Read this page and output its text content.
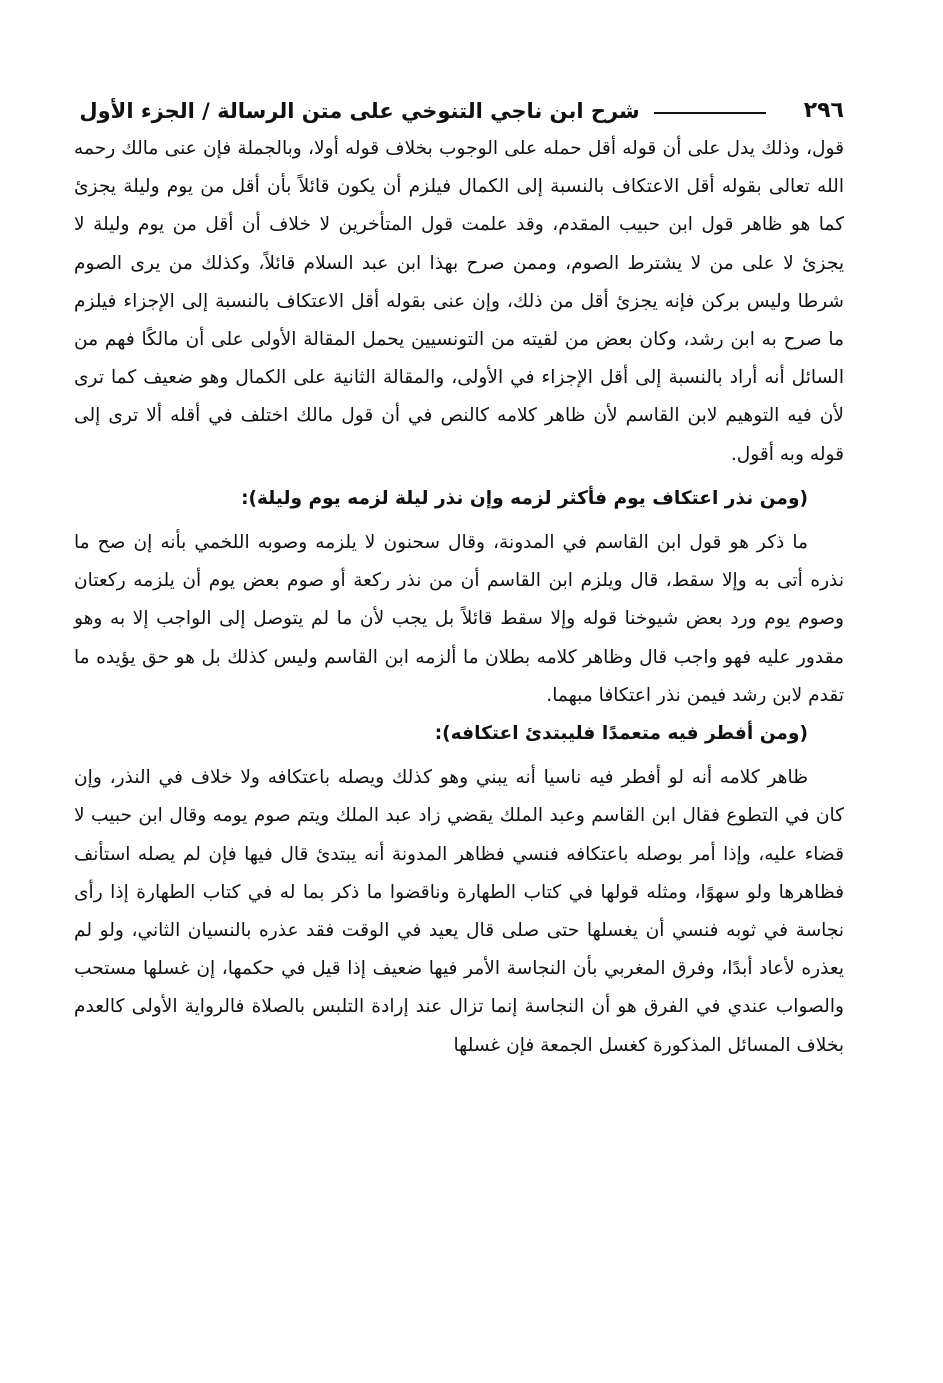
٢٩٦
شرح ابن ناجي التنوخي على متن الرسالة / الجزء الأول

قول، وذلك يدل على أن قوله أقل حمله على الوجوب بخلاف قوله أولا، وبالجملة فإن عنى مالك رحمه الله تعالى بقوله أقل الاعتكاف بالنسبة إلى الكمال فيلزم أن يكون قائلاً بأن أقل من يوم وليلة يجزئ كما هو ظاهر قول ابن حبيب المقدم، وقد علمت قول المتأخرين لا خلاف أن أقل من يوم وليلة لا يجزئ لا على من لا يشترط الصوم، وممن صرح بهذا ابن عبد السلام قائلاً، وكذلك من يرى الصوم شرطا وليس بركن فإنه يجزئ أقل من ذلك، وإن عنى بقوله أقل الاعتكاف بالنسبة إلى الإجزاء فيلزم ما صرح به ابن رشد، وكان بعض من لقيته من التونسيين يحمل المقالة الأولى على أن مالكًا فهم من السائل أنه أراد بالنسبة إلى أقل الإجزاء في الأولى، والمقالة الثانية على الكمال وهو ضعيف كما ترى لأن فيه التوهيم لابن القاسم لأن ظاهر كلامه كالنص في أن قول مالك اختلف في أقله ألا ترى إلى قوله وبه أقول.

(ومن نذر اعتكاف يوم فأكثر لزمه وإن نذر ليلة لزمه يوم وليلة):

ما ذكر هو قول ابن القاسم في المدونة، وقال سحنون لا يلزمه وصوبه اللخمي بأنه إن صح ما نذره أتى به وإلا سقط، قال ويلزم ابن القاسم أن من نذر ركعة أو صوم بعض يوم أن يلزمه ركعتان وصوم يوم ورد بعض شيوخنا قوله وإلا سقط قائلاً بل يجب لأن ما لم يتوصل إلى الواجب إلا به وهو مقدور عليه فهو واجب قال وظاهر كلامه بطلان ما ألزمه ابن القاسم وليس كذلك بل هو حق يؤيده ما تقدم لابن رشد فيمن نذر اعتكافا مبهما.

(ومن أفطر فيه متعمدًا فليبتدئ اعتكافه):

ظاهر كلامه أنه لو أفطر فيه ناسيا أنه يبني وهو كذلك ويصله باعتكافه ولا خلاف في النذر، وإن كان في التطوع فقال ابن القاسم وعبد الملك يقضي زاد عبد الملك ويتم صوم يومه وقال ابن حبيب لا قضاء عليه، وإذا أمر بوصله باعتكافه فنسي فظاهر المدونة أنه يبتدئ قال فيها فإن لم يصله استأنف فظاهرها ولو سهوًا، ومثله قولها في كتاب الطهارة وناقضوا ما ذكر بما له في كتاب الطهارة إذا رأى نجاسة في ثوبه فنسي أن يغسلها حتى صلى قال يعيد في الوقت فقد عذره بالنسيان الثاني، ولو لم يعذره لأعاد أبدًا، وفرق المغربي بأن النجاسة الأمر فيها ضعيف إذا قيل في حكمها، إن غسلها مستحب والصواب عندي في الفرق هو أن النجاسة إنما تزال عند إرادة التلبس بالصلاة فالرواية الأولى كالعدم بخلاف المسائل المذكورة كغسل الجمعة فإن غسلها
